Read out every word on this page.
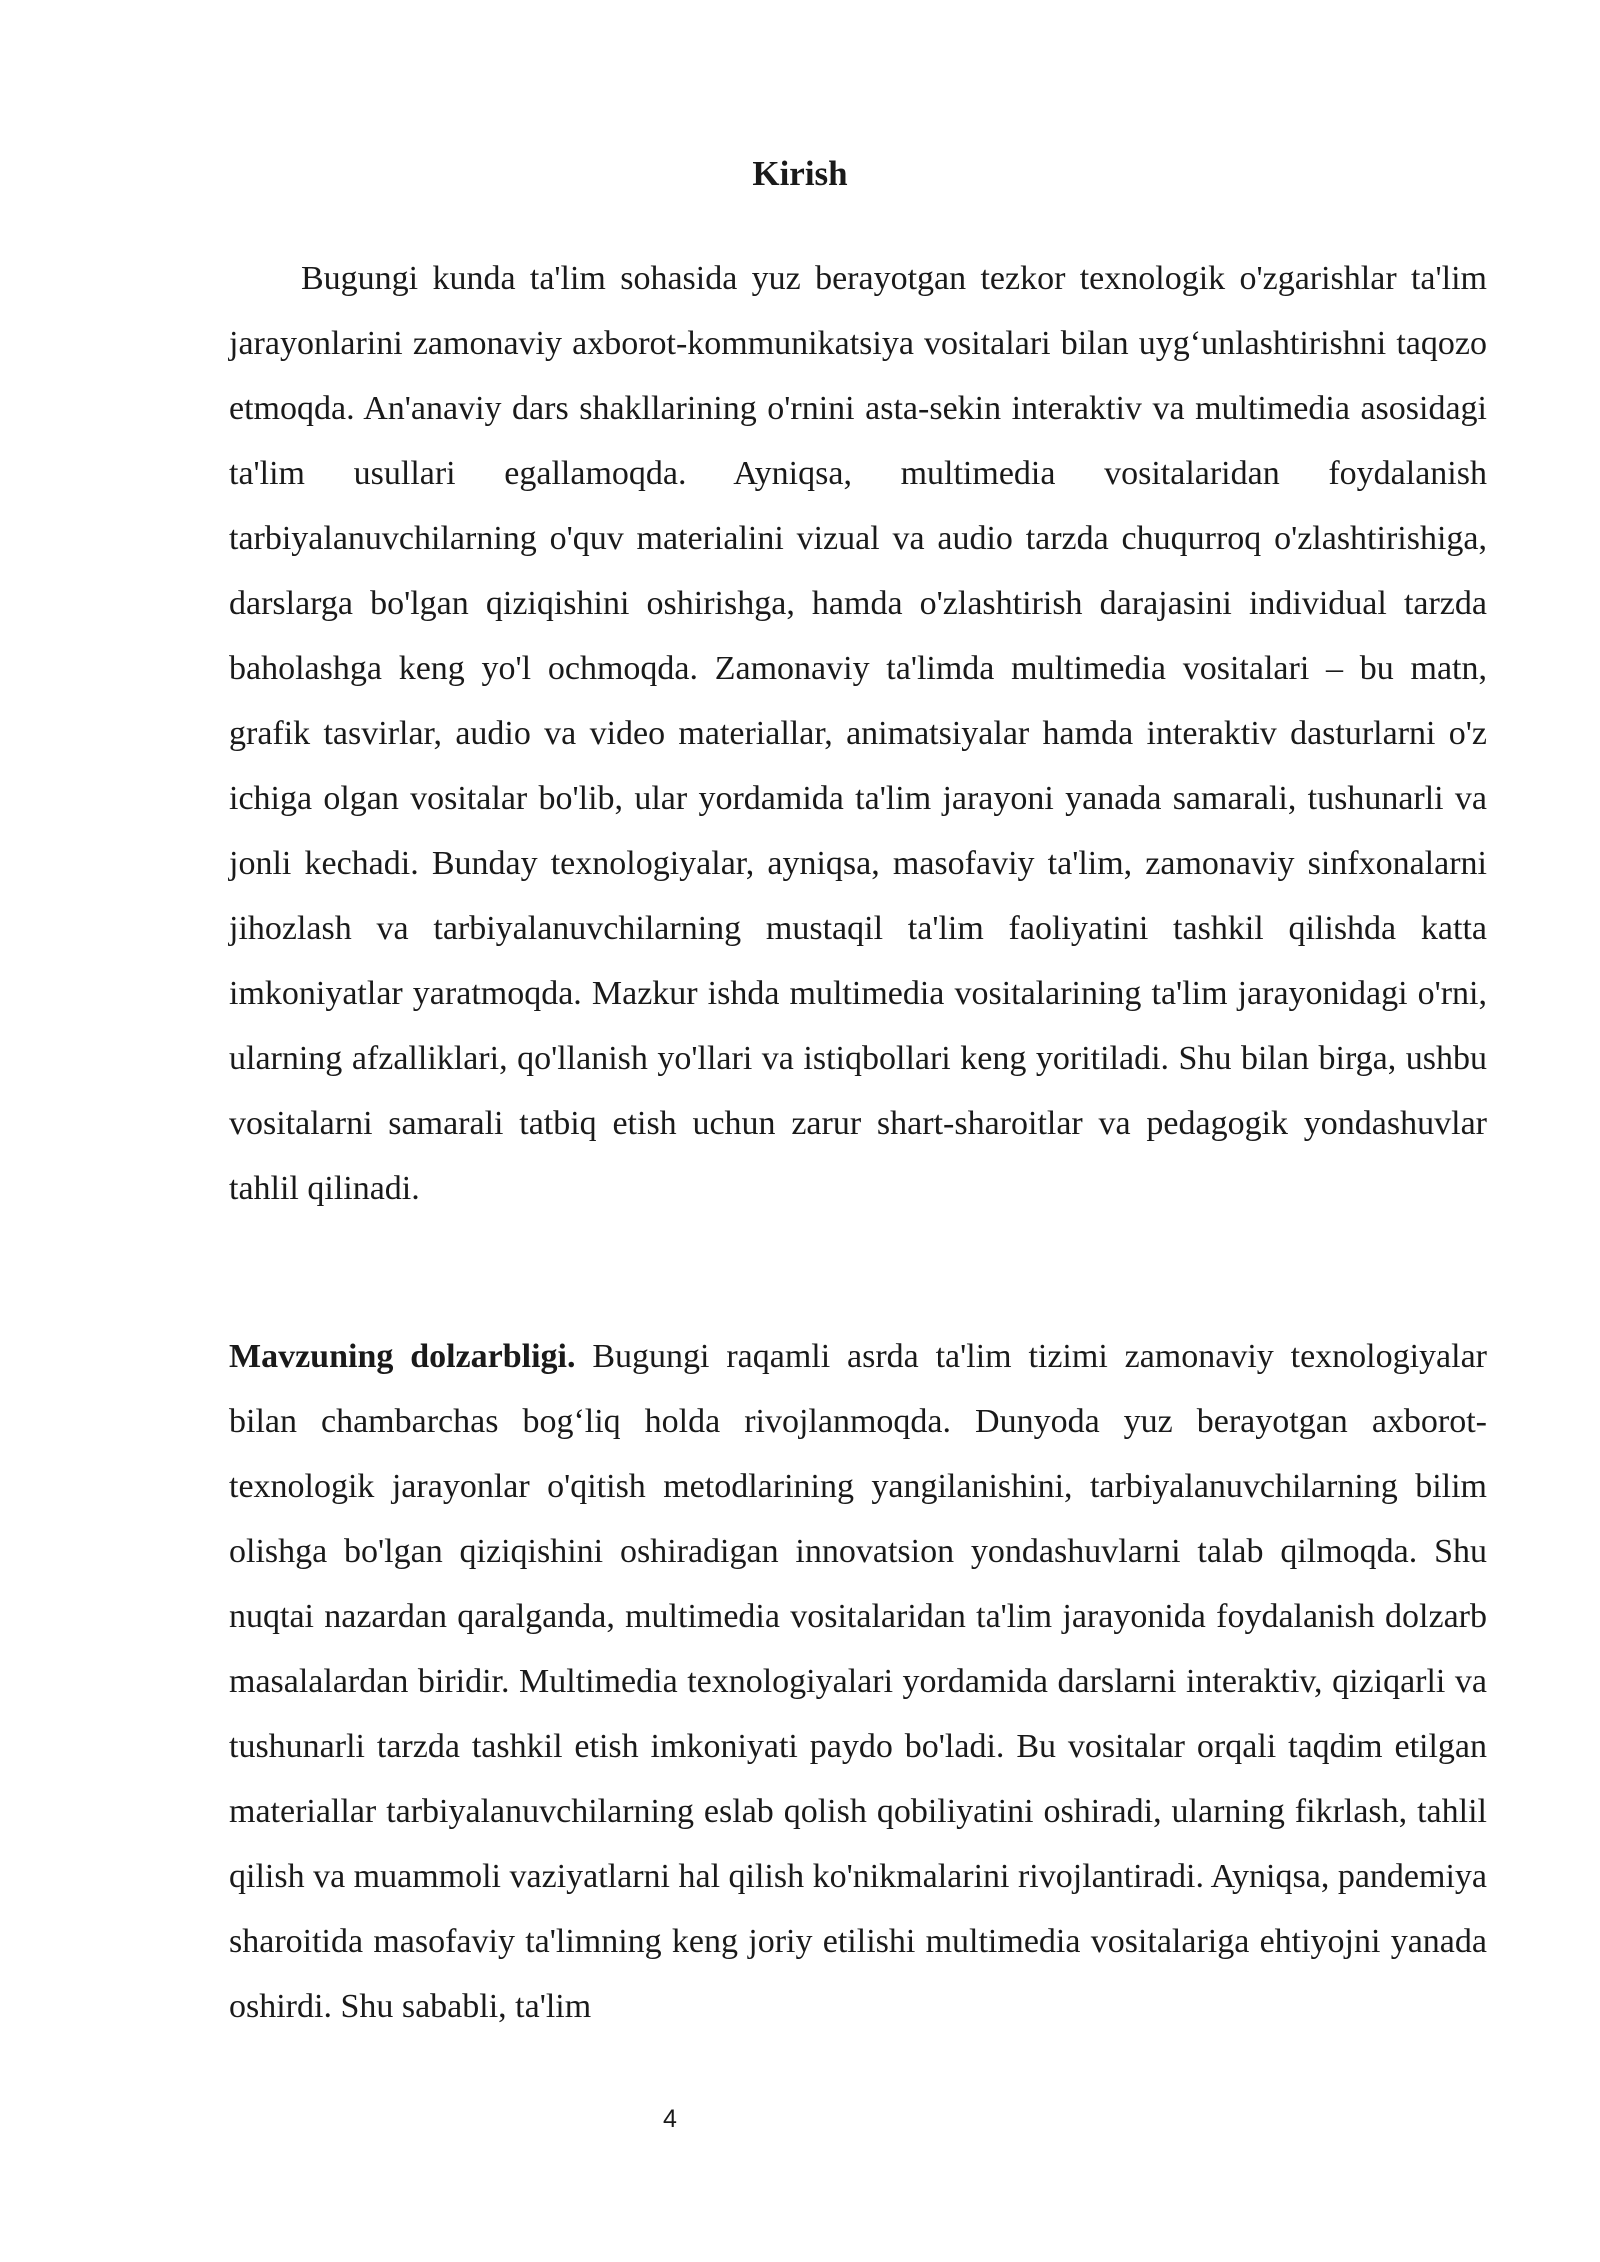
Kirish

Bugungi kunda ta'lim sohasida yuz berayotgan tezkor texnologik o'zgarishlar ta'lim jarayonlarini zamonaviy axborot-kommunikatsiya vositalari bilan uyg‘unlashtirishni taqozo etmoqda. An'anaviy dars shakllarining o'rnini asta-sekin interaktiv va multimedia asosidagi ta'lim usullari egallamoqda. Ayniqsa, multimedia vositalaridan foydalanish tarbiyalanuvchilarning o'quv materialini vizual va audio tarzda chuqurroq o'zlashtirishiga, darslarga bo'lgan qiziqishini oshirishga, hamda o'zlashtirish darajasini individual tarzda baholashga keng yo'l ochmoqda. Zamonaviy ta'limda multimedia vositalari – bu matn, grafik tasvirlar, audio va video materiallar, animatsiyalar hamda interaktiv dasturlarni o'z ichiga olgan vositalar bo'lib, ular yordamida ta'lim jarayoni yanada samarali, tushunarli va jonli kechadi. Bunday texnologiyalar, ayniqsa, masofaviy ta'lim, zamonaviy sinfxonalarni jihozlash va tarbiyalanuvchilarning mustaqil ta'lim faoliyatini tashkil qilishda katta imkoniyatlar yaratmoqda. Mazkur ishda multimedia vositalarining ta'lim jarayonidagi o'rni, ularning afzalliklari, qo'llanish yo'llari va istiqbollari keng yoritiladi. Shu bilan birga, ushbu vositalarni samarali tatbiq etish uchun zarur shart-sharoitlar va pedagogik yondashuvlar tahlil qilinadi.

Mavzuning dolzarbligi. Bugungi raqamli asrda ta'lim tizimi zamonaviy texnologiyalar bilan chambarchas bog‘liq holda rivojlanmoqda. Dunyoda yuz berayotgan axborot-texnologik jarayonlar o'qitish metodlarining yangilanishini, tarbiyalanuvchilarning bilim olishga bo'lgan qiziqishini oshiradigan innovatsion yondashuvlarni talab qilmoqda. Shu nuqtai nazardan qaralganda, multimedia vositalaridan ta'lim jarayonida foydalanish dolzarb masalalardan biridir. Multimedia texnologiyalari yordamida darslarni interaktiv, qiziqarli va tushunarli tarzda tashkil etish imkoniyati paydo bo'ladi. Bu vositalar orqali taqdim etilgan materiallar tarbiyalanuvchilarning eslab qolish qobiliyatini oshiradi, ularning fikrlash, tahlil qilish va muammoli vaziyatlarni hal qilish ko'nikmalarini rivojlantiradi. Ayniqsa, pandemiya sharoitida masofaviy ta'limning keng joriy etilishi multimedia vositalariga ehtiyojni yanada oshirdi. Shu sababli, ta'lim

4
